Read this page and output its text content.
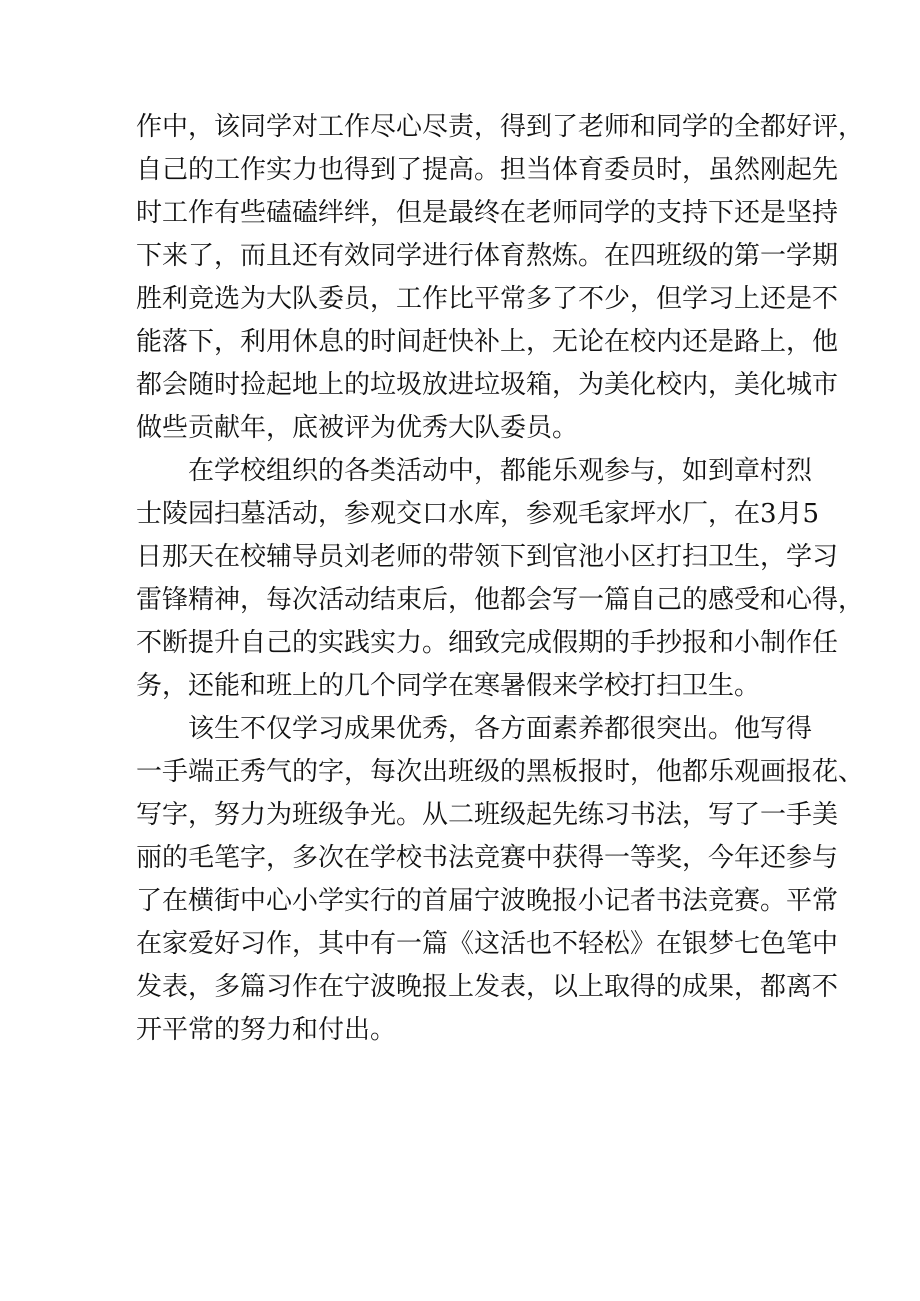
作中，该同学对工作尽心尽责，得到了老师和同学的全都好评，
自己的工作实力也得到了提高。担当体育委员时，虽然刚起先
时工作有些磕磕绊绊，但是最终在老师同学的支持下还是坚持
下来了，而且还有效同学进行体育熬炼。在四班级的第一学期
胜利竞选为大队委员，工作比平常多了不少，但学习上还是不
能落下，利用休息的时间赶快补上，无论在校内还是路上，他
都会随时捡起地上的垃圾放进垃圾箱，为美化校内，美化城市
做些贡献年，底被评为优秀大队委员。
在学校组织的各类活动中，都能乐观参与，如到章村烈
士陵园扫墓活动，参观交口水库，参观毛家坪水厂，在3月5
日那天在校辅导员刘老师的带领下到官池小区打扫卫生，学习
雷锋精神，每次活动结束后，他都会写一篇自己的感受和心得，
不断提升自己的实践实力。细致完成假期的手抄报和小制作任
务，还能和班上的几个同学在寒暑假来学校打扫卫生。
该生不仅学习成果优秀，各方面素养都很突出。他写得
一手端正秀气的字，每次出班级的黑板报时，他都乐观画报花、
写字，努力为班级争光。从二班级起先练习书法，写了一手美
丽的毛笔字，多次在学校书法竞赛中获得一等奖，今年还参与
了在横街中心小学实行的首届宁波晚报小记者书法竞赛。平常
在家爱好习作，其中有一篇《这活也不轻松》在银梦七色笔中
发表，多篇习作在宁波晚报上发表，以上取得的成果，都离不
开平常的努力和付出。
